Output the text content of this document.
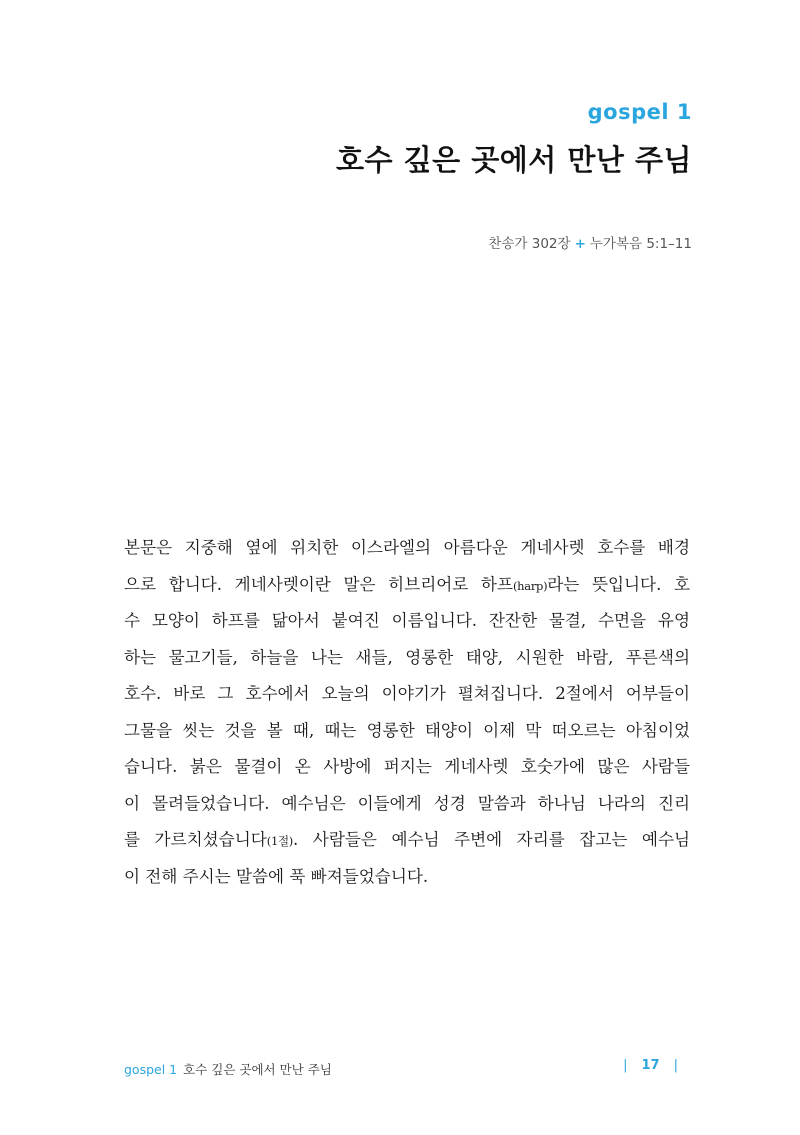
gospel 1
호수 깊은 곳에서 만난 주님
찬송가 302장 + 누가복음 5:1–11
본문은 지중해 옆에 위치한 이스라엘의 아름다운 게네사렛 호수를 배경
으로 합니다. 게네사렛이란 말은 히브리어로 하프(harp)라는 뜻입니다. 호
수 모양이 하프를 닮아서 붙여진 이름입니다. 잔잔한 물결, 수면을 유영
하는 물고기들, 하늘을 나는 새들, 영롱한 태양, 시원한 바람, 푸른색의
호수. 바로 그 호수에서 오늘의 이야기가 펼쳐집니다. 2절에서 어부들이
그물을 씻는 것을 볼 때, 때는 영롱한 태양이 이제 막 떠오르는 아침이었
습니다. 붉은 물결이 온 사방에 퍼지는 게네사렛 호숫가에 많은 사람들
이 몰려들었습니다. 예수님은 이들에게 성경 말씀과 하나님 나라의 진리
를 가르치셨습니다(1절). 사람들은 예수님 주변에 자리를 잡고는 예수님
이 전해 주시는 말씀에 푹 빠져들었습니다.
gospel 1 호수 깊은 곳에서 만난 주님	| 17 |
